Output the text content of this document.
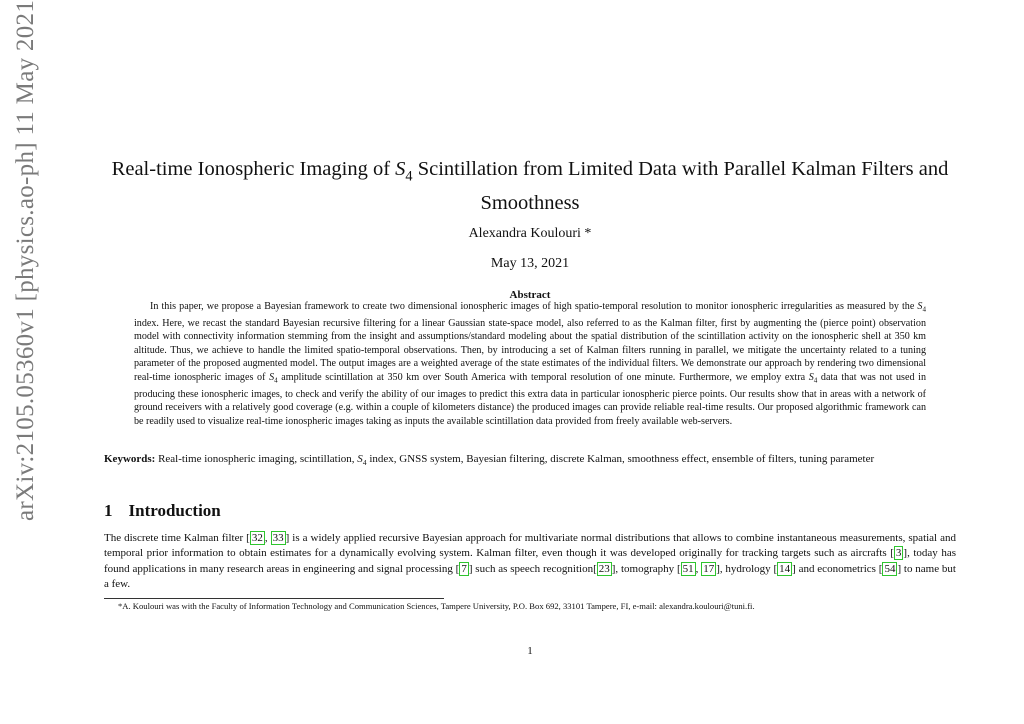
arXiv:2105.05360v1 [physics.ao-ph] 11 May 2021	Real-time Ionospheric Imaging of $S_4$ Scintillation from Limited Data with Parallel Kalman Filters and Smoothness
Alexandra Koulouri *
May 13, 2021
Abstract
In this paper, we propose a Bayesian framework to create two dimensional ionospheric images of high spatio-temporal resolution to monitor ionospheric irregularities as measured by the $S_4$ index. Here, we recast the standard Bayesian recursive filtering for a linear Gaussian state-space model, also referred to as the Kalman filter, first by augmenting the (pierce point) observation model with connectivity information stemming from the insight and assumptions/standard modeling about the spatial distribution of the scintillation activity on the ionospheric shell at 350 km altitude. Thus, we achieve to handle the limited spatio-temporal observations. Then, by introducing a set of Kalman filters running in parallel, we mitigate the uncertainty related to a tuning parameter of the proposed augmented model. The output images are a weighted average of the state estimates of the individual filters. We demonstrate our approach by rendering two dimensional real-time ionospheric images of $S_4$ amplitude scintillation at 350 km over South America with temporal resolution of one minute. Furthermore, we employ extra $S_4$ data that was not used in producing these ionospheric images, to check and verify the ability of our images to predict this extra data in particular ionospheric pierce points. Our results show that in areas with a network of ground receivers with a relatively good coverage (e.g. within a couple of kilometers distance) the produced images can provide reliable real-time results. Our proposed algorithmic framework can be readily used to visualize real-time ionospheric images taking as inputs the available scintillation data provided from freely available web-servers.
Keywords: Real-time ionospheric imaging, scintillation, $S_4$ index, GNSS system, Bayesian filtering, discrete Kalman, smoothness effect, ensemble of filters, tuning parameter
1 Introduction
The discrete time Kalman filter [ 32 , 33 ] is a widely applied recursive Bayesian approach for multivariate normal distributions that allows to combine instantaneous measurements, spatial and temporal prior information to obtain estimates for a dynamically evolving system. Kalman filter, even though it was developed originally for tracking targets such as aircrafts [ 3 ], today has found applications in many research areas in engineering and signal processing [ 7 ] such as speech recognition[ 23 ], tomography [ 51 , 17 ], hydrology [ 14 ] and econometrics [ 54 ] to name but a few.
*A. Koulouri was with the Faculty of Information Technology and Communication Sciences, Tampere University, P.O. Box 692, 33101 Tampere, FI, e-mail: alexandra.koulouri@tuni.fi.
1
